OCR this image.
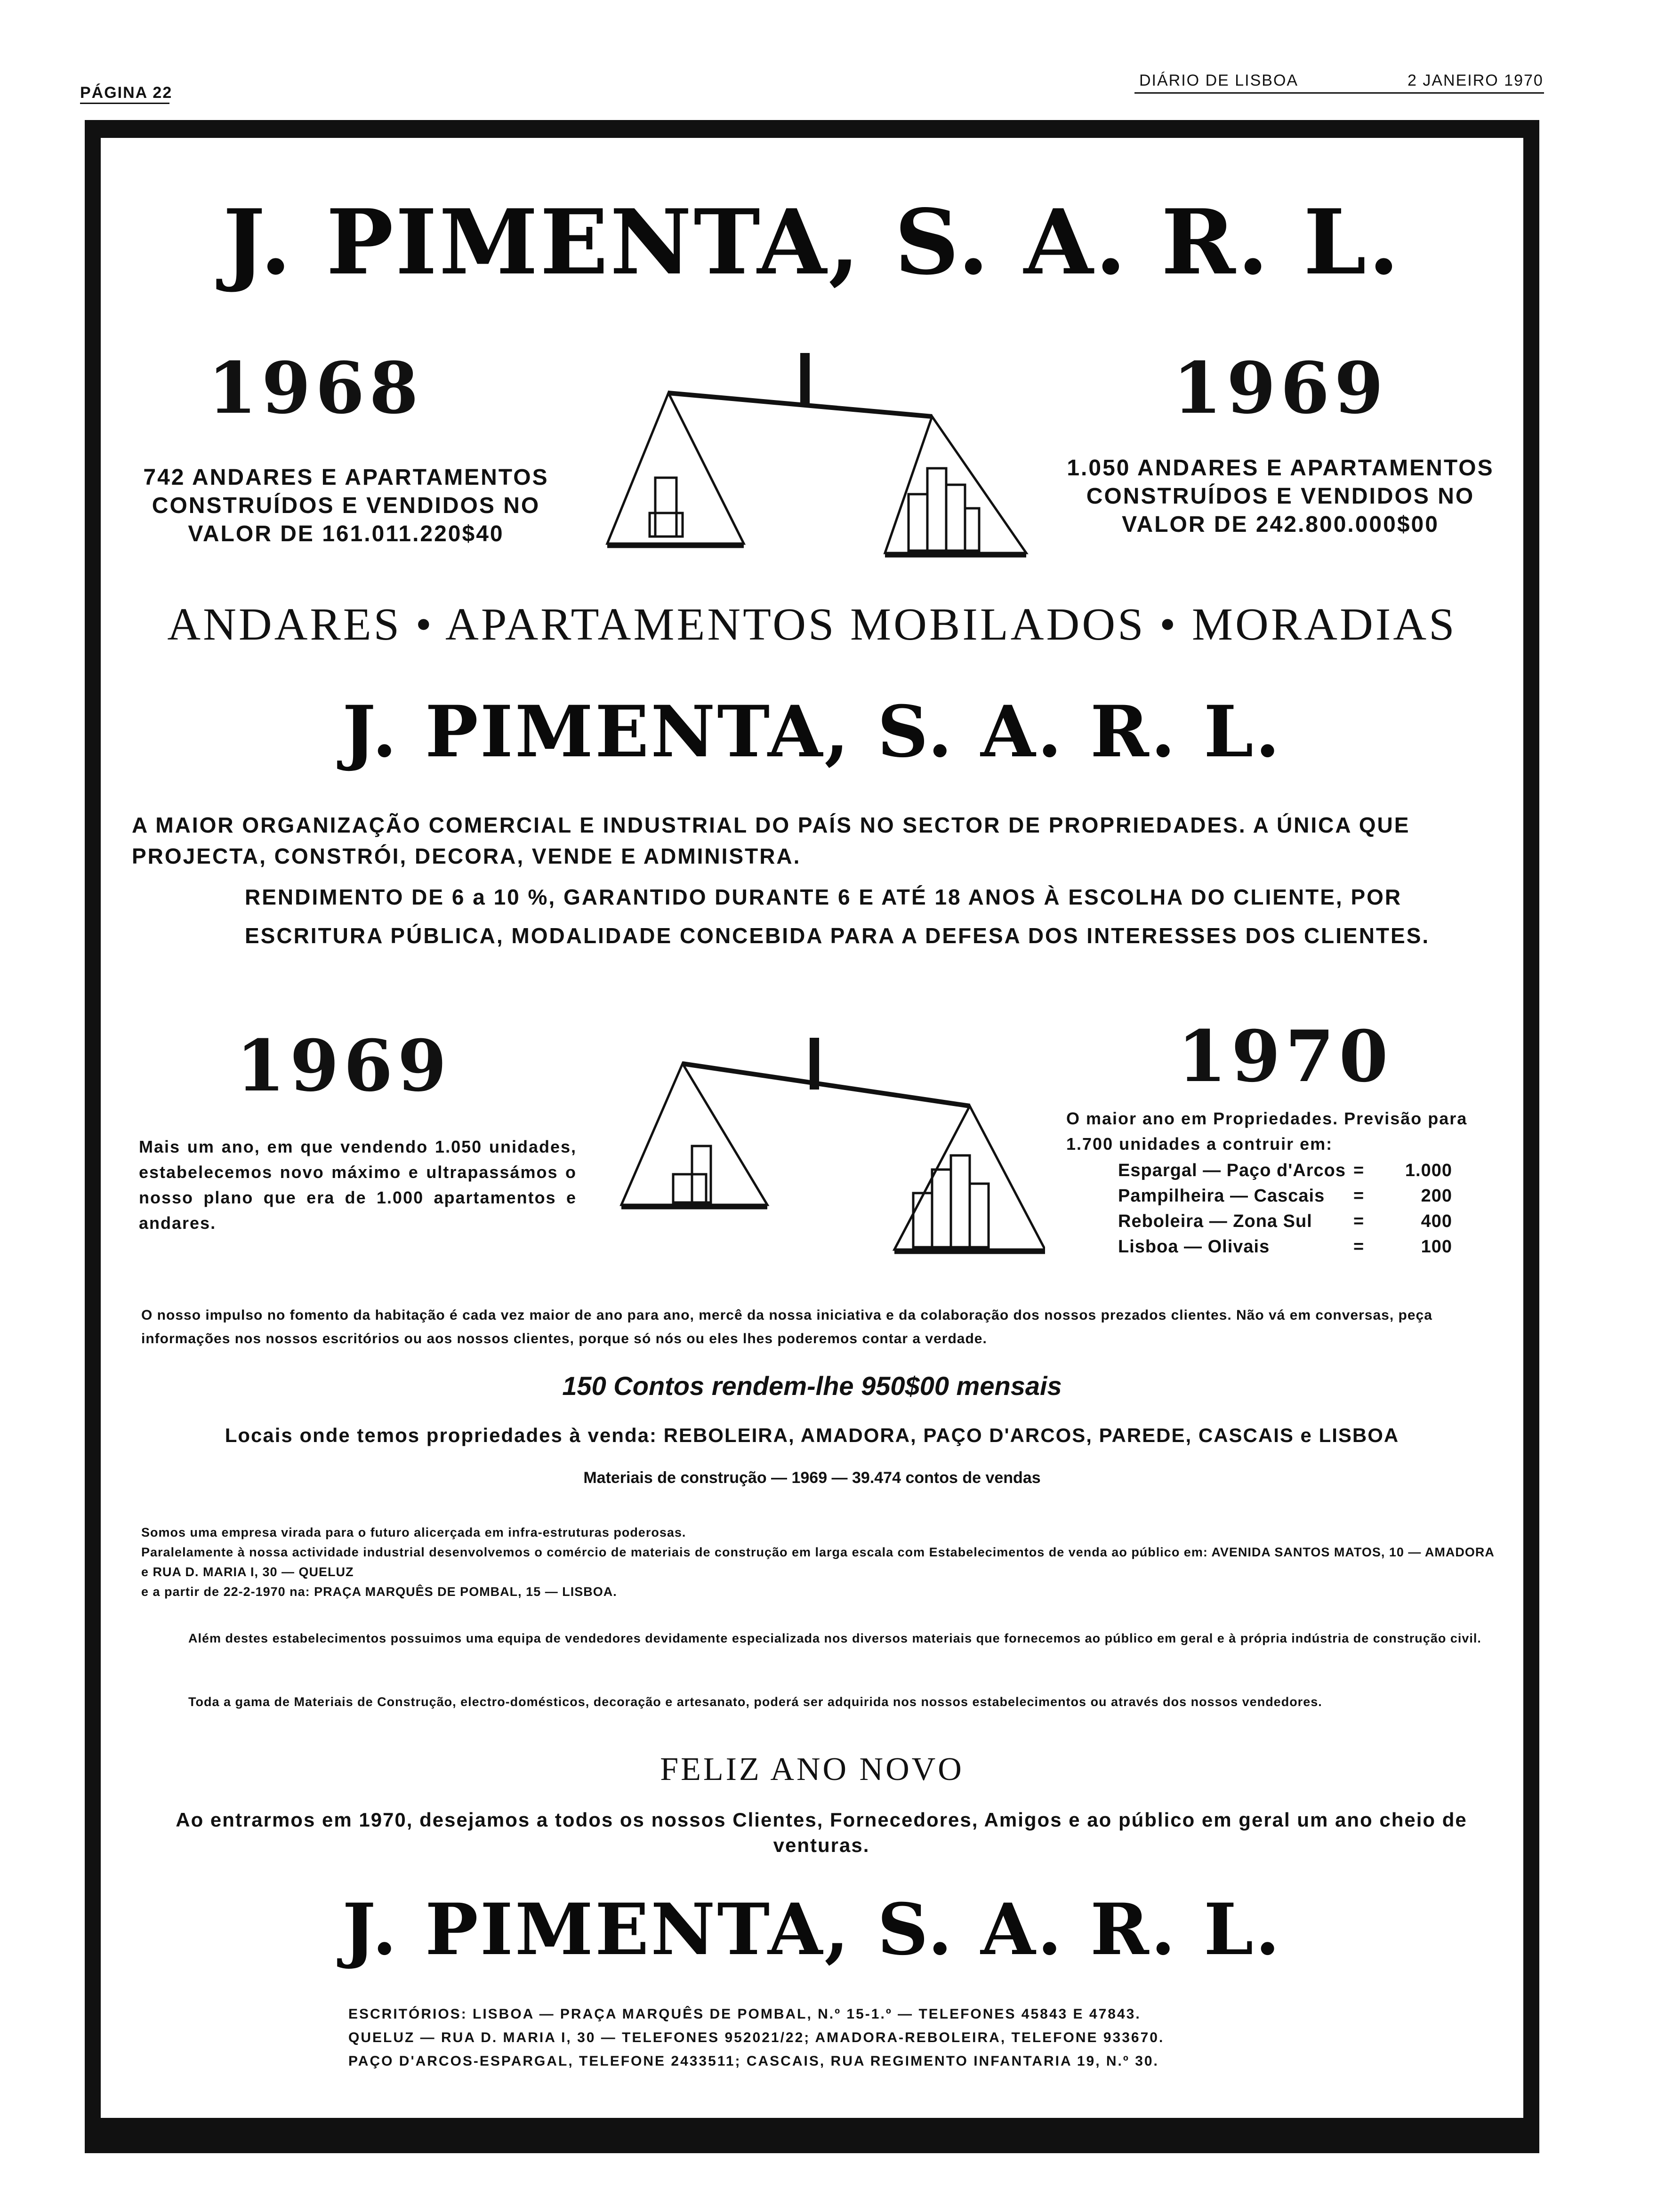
PÁGINA 22
DIÁRIO DE LISBOA	2 JANEIRO 1970
J. PIMENTA, S. A. R. L.
1968
742 ANDARES E APARTAMENTOS CONSTRUÍDOS E VENDIDOS NO VALOR DE 161.011.220$40
1969
1.050 ANDARES E APARTAMENTOS CONSTRUÍDOS E VENDIDOS NO VALOR DE 242.800.000$00
ANDARES • APARTAMENTOS MOBILADOS • MORADIAS
J. PIMENTA, S. A. R. L.
A MAIOR ORGANIZAÇÃO COMERCIAL E INDUSTRIAL DO PAÍS NO SECTOR DE PROPRIEDADES. A ÚNICA QUE PROJECTA, CONSTRÓI, DECORA, VENDE E ADMINISTRA.
RENDIMENTO DE 6 a 10 %, GARANTIDO DURANTE 6 E ATÉ 18 ANOS À ESCOLHA DO CLIENTE, POR ESCRITURA PÚBLICA, MODALIDADE CONCEBIDA PARA A DEFESA DOS INTERESSES DOS CLIENTES.
1969
Mais um ano, em que vendendo 1.050 unidades, estabelecemos novo máximo e ultrapassámos o nosso plano que era de 1.000 apartamentos e andares.
1970
O maior ano em Propriedades. Previsão para 1.700 unidades a contruir em:
Espargal — Paço d'Arcos =	1.000
Pampilheira — Cascais	=	200
Reboleira — Zona Sul	=	400
Lisboa — Olivais	=	100
O nosso impulso no fomento da habitação é cada vez maior de ano para ano, mercê da nossa iniciativa e da colaboração dos nossos prezados clientes. Não vá em conversas, peça informações nos nossos escritórios ou aos nossos clientes, porque só nós ou eles lhes poderemos contar a verdade.
150 Contos rendem-lhe 950$00 mensais
Locais onde temos propriedades à venda: REBOLEIRA, AMADORA, PAÇO D'ARCOS, PAREDE, CASCAIS e LISBOA
Materiais de construção — 1969 — 39.474 contos de vendas
Somos uma empresa virada para o futuro alicerçada em infra-estruturas poderosas.
Paralelamente à nossa actividade industrial desenvolvemos o comércio de materiais de construção em larga escala com Estabelecimentos de venda ao público em: AVENIDA SANTOS MATOS, 10 — AMADORA e RUA D. MARIA I, 30 — QUELUZ
e a partir de 22-2-1970 na: PRAÇA MARQUÊS DE POMBAL, 15 — LISBOA.
Além destes estabelecimentos possuimos uma equipa de vendedores devidamente especializada nos diversos materiais que fornecemos ao público em geral e à própria indústria de construção civil.
Toda a gama de Materiais de Construção, electro-domésticos, decoração e artesanato, poderá ser adquirida nos nossos estabelecimentos ou através dos nossos vendedores.
FELIZ ANO NOVO
Ao entrarmos em 1970, desejamos a todos os nossos Clientes, Fornecedores, Amigos e ao público em geral um ano cheio de venturas.
J. PIMENTA, S. A. R. L.
ESCRITÓRIOS: LISBOA — PRAÇA MARQUÊS DE POMBAL, N.º 15-1.º — TELEFONES 45843 E 47843.
QUELUZ — RUA D. MARIA I, 30 — TELEFONES 952021/22; AMADORA-REBOLEIRA, TELEFONE 933670.
PAÇO D'ARCOS-ESPARGAL, TELEFONE 2433511; CASCAIS, RUA REGIMENTO INFANTARIA 19, N.º 30.
